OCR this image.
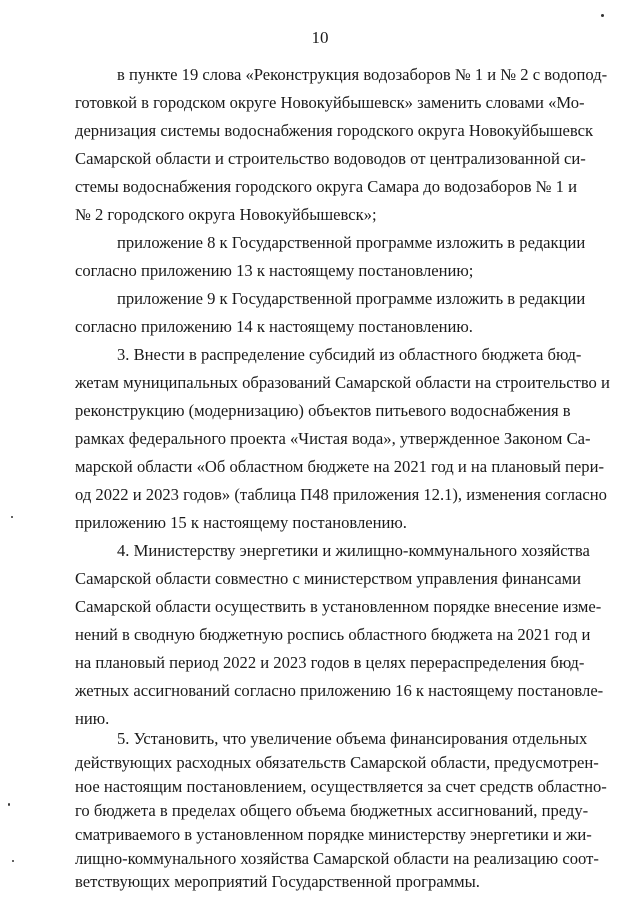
10
в пункте 19 слова «Реконструкция водозаборов № 1 и № 2 с водопод-
готовкой в городском округе Новокуйбышевск» заменить словами «Мо-
дернизация системы водоснабжения городского округа Новокуйбышевск
Самарской области и строительство водоводов от централизованной си-
стемы водоснабжения городского округа Самара до водозаборов № 1 и
№ 2 городского округа Новокуйбышевск»;
приложение 8 к Государственной программе изложить в редакции
согласно приложению 13 к настоящему постановлению;
приложение 9 к Государственной программе изложить в редакции
согласно приложению 14 к настоящему постановлению.
3. Внести в распределение субсидий из областного бюджета бюд-
жетам муниципальных образований Самарской области на строительство и
реконструкцию (модернизацию) объектов питьевого водоснабжения в
рамках федерального проекта «Чистая вода», утвержденное Законом Са-
марской области «Об областном бюджете на 2021 год и на плановый пери-
од 2022 и 2023 годов» (таблица П48 приложения 12.1), изменения согласно
приложению 15 к настоящему постановлению.
4. Министерству энергетики и жилищно-коммунального хозяйства
Самарской области совместно с министерством управления финансами
Самарской области осуществить в установленном порядке внесение изме-
нений в сводную бюджетную роспись областного бюджета на 2021 год и
на плановый период 2022 и 2023 годов в целях перераспределения бюд-
жетных ассигнований согласно приложению 16 к настоящему постановле-
нию.
5. Установить, что увеличение объема финансирования отдельных
действующих расходных обязательств Самарской области, предусмотрен-
ное настоящим постановлением, осуществляется за счет средств областно-
го бюджета в пределах общего объема бюджетных ассигнований, преду-
сматриваемого в установленном порядке министерству энергетики и жи-
лищно-коммунального хозяйства Самарской области на реализацию соот-
ветствующих мероприятий Государственной программы.
